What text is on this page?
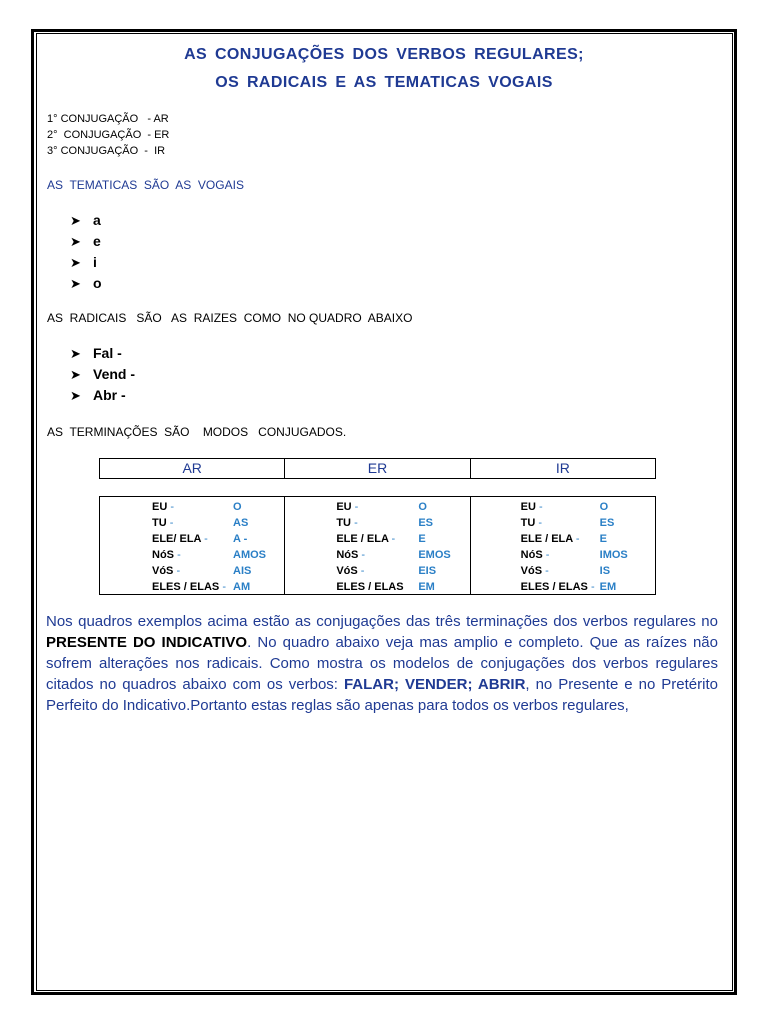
AS CONJUGAÇÕES DOS VERBOS REGULARES;
OS RADICAIS E AS TEMATICAS VOGAIS
1° CONJUGAÇÃO   - AR
2°  CONJUGAÇÃO  - ER
3° CONJUGAÇÃO  -  IR
AS  TEMATICAS  SÃO  AS  VOGAIS
➤ a
➤ e
➤ i
➤ o
AS  RADICAIS   SÃO   AS  RAIZES  COMO  NO QUADRO  ABAIXO
➤ Fal -
➤ Vend -
➤ Abr -
AS  TERMINAÇÕES  SÃO    MODOS   CONJUGADOS.
AR	ER	IR
EU -	O
TU -	AS
ELE/ ELA - A -
NóS -	AMOS
VóS -	AIS
ELES / ELAS - AM
EU -	O
TU -	ES
ELE / ELA - E
NóS -	EMOS
VóS -	EIS
ELES / ELAS EM
EU -	O
TU -	ES
ELE / ELA - E
NóS -	IMOS
VóS -	IS
ELES / ELAS - EM
Nos quadros exemplos acima estão as conjugações das três terminações dos verbos regulares no PRESENTE DO INDICATIVO. No quadro abaixo veja mas amplio e completo. Que as raízes não sofrem alterações nos radicais. Como mostra os modelos de conjugações dos verbos regulares citados no quadros abaixo com os verbos: FALAR; VENDER; ABRIR, no Presente e no Pretérito Perfeito do Indicativo.Portanto estas reglas são apenas para todos os verbos regulares,
